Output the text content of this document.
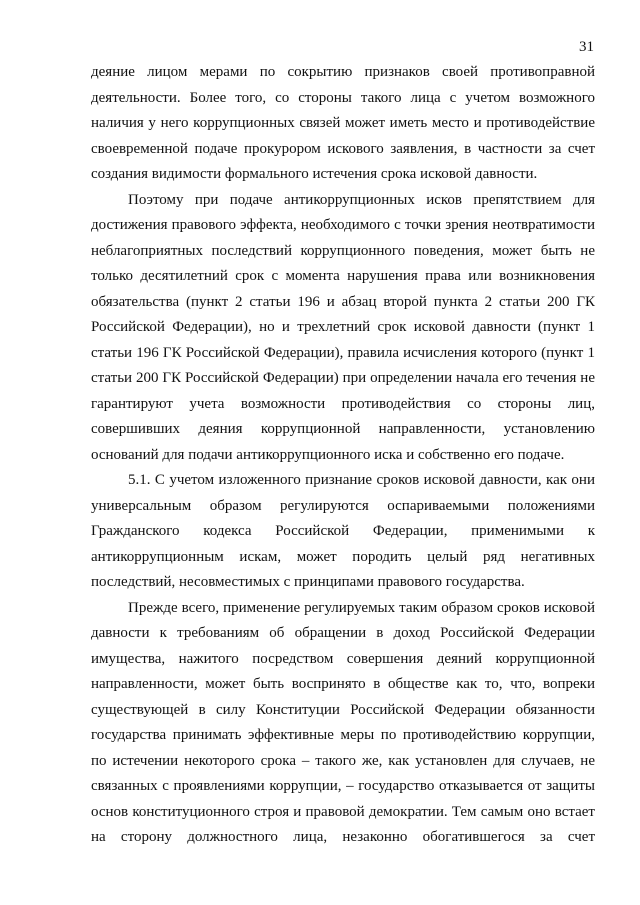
31
деяние лицом мерами по сокрытию признаков своей противоправной
деятельности. Более того, со стороны такого лица с учетом возможного
наличия у него коррупционных связей может иметь место и противодействие
своевременной подаче прокурором искового заявления, в частности за счет
создания видимости формального истечения срока исковой давности.
Поэтому при подаче антикоррупционных исков препятствием для
достижения правового эффекта, необходимого с точки зрения неотвратимости
неблагоприятных последствий коррупционного поведения, может быть не
только десятилетний срок с момента нарушения права или возникновения
обязательства (пункт 2 статьи 196 и абзац второй пункта 2 статьи 200 ГК
Российской Федерации), но и трехлетний срок исковой давности (пункт 1
статьи 196 ГК Российской Федерации), правила исчисления которого (пункт 1
статьи 200 ГК Российской Федерации) при определении начала его течения не
гарантируют учета возможности противодействия со стороны лиц,
совершивших деяния коррупционной направленности, установлению
оснований для подачи антикоррупционного иска и собственно его подаче.
5.1. С учетом изложенного признание сроков исковой давности, как они
универсальным образом регулируются оспариваемыми положениями
Гражданского кодекса Российской Федерации, применимыми к
антикоррупционным искам, может породить целый ряд негативных
последствий, несовместимых с принципами правового государства.
Прежде всего, применение регулируемых таким образом сроков исковой
давности к требованиям об обращении в доход Российской Федерации
имущества, нажитого посредством совершения деяний коррупционной
направленности, может быть воспринято в обществе как то, что, вопреки
существующей в силу Конституции Российской Федерации обязанности
государства принимать эффективные меры по противодействию коррупции,
по истечении некоторого срока – такого же, как установлен для случаев, не
связанных с проявлениями коррупции, – государство отказывается от защиты
основ конституционного строя и правовой демократии. Тем самым оно встает
на сторону должностного лица, незаконно обогатившегося за счет
